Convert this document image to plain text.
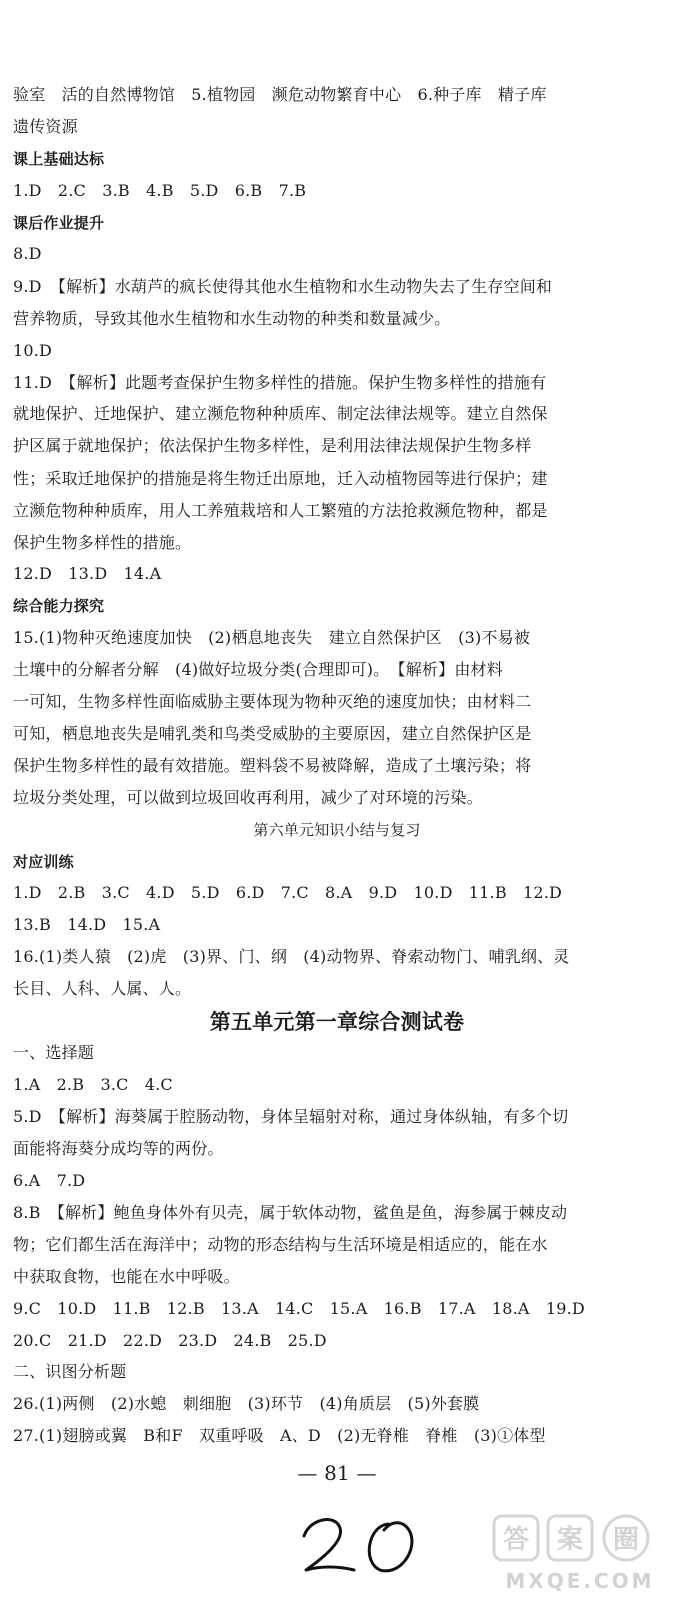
验室　活的自然博物馆　5.植物园　濒危动物繁育中心　6.种子库　精子库
遗传资源
课上基础达标
1.D　2.C　3.B　4.B　5.D　6.B　7.B
课后作业提升
8.D
9.D　【解析】水葫芦的疯长使得其他水生植物和水生动物失去了生存空间和
营养物质，导致其他水生植物和水生动物的种类和数量减少。
10.D
11.D　【解析】此题考查保护生物多样性的措施。保护生物多样性的措施有
就地保护、迁地保护、建立濒危物种种质库、制定法律法规等。建立自然保
护区属于就地保护；依法保护生物多样性，是利用法律法规保护生物多样
性；采取迁地保护的措施是将生物迁出原地，迁入动植物园等进行保护；建
立濒危物种种质库，用人工养殖栽培和人工繁殖的方法抢救濒危物种，都是
保护生物多样性的措施。
12.D　13.D　14.A
综合能力探究
15.(1)物种灭绝速度加快　(2)栖息地丧失　建立自然保护区　(3)不易被
土壤中的分解者分解　(4)做好垃圾分类(合理即可)。　【解析】由材料
一可知，生物多样性面临威胁主要体现为物种灭绝的速度加快；由材料二
可知，栖息地丧失是哺乳类和鸟类受威胁的主要原因，建立自然保护区是
保护生物多样性的最有效措施。塑料袋不易被降解，造成了土壤污染；将
垃圾分类处理，可以做到垃圾回收再利用，减少了对环境的污染。
第六单元知识小结与复习
对应训练
1.D　2.B　3.C　4.D　5.D　6.D　7.C　8.A　9.D　10.D　11.B　12.D
13.B　14.D　15.A
16.(1)类人猿　(2)虎　(3)界、门、纲　(4)动物界、脊索动物门、哺乳纲、灵
长目、人科、人属、人。
第五单元第一章综合测试卷
一、选择题
1.A　2.B　3.C　4.C
5.D　【解析】海葵属于腔肠动物，身体呈辐射对称，通过身体纵轴，有多个切
面能将海葵分成均等的两份。
6.A　7.D
8.B　【解析】鲍鱼身体外有贝壳，属于软体动物，鲨鱼是鱼，海参属于棘皮动
物；它们都生活在海洋中；动物的形态结构与生活环境是相适应的，能在水
中获取食物，也能在水中呼吸。
9.C　10.D　11.B　12.B　13.A　14.C　15.A　16.B　17.A　18.A　19.D
20.C　21.D　22.D　23.D　24.B　25.D
二、识图分析题
26.(1)两侧　(2)水螅　刺细胞　(3)环节　(4)角质层　(5)外套膜
27.(1)翅膀或翼　B和F　双重呼吸　A、D　(2)无脊椎　脊椎　(3)①体型
— 81 —
答 案 圈
MXQE.COM
